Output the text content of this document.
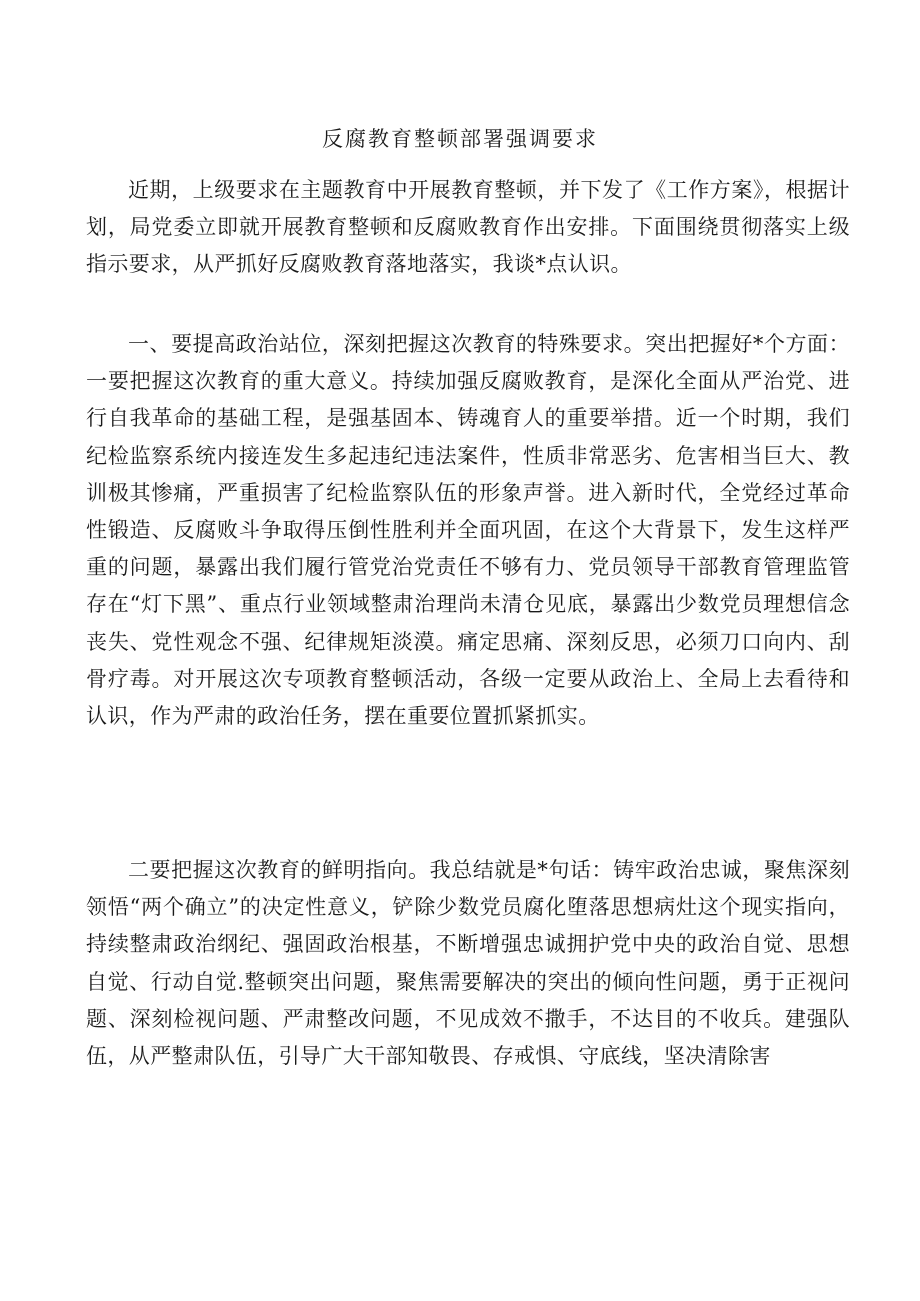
反腐教育整顿部署强调要求

近期，上级要求在主题教育中开展教育整顿，并下发了《工作方案》，根据计划，局党委立即就开展教育整顿和反腐败教育作出安排。下面围绕贯彻落实上级指示要求，从严抓好反腐败教育落地落实，我谈*点认识。

一、要提高政治站位，深刻把握这次教育的特殊要求。突出把握好*个方面：一要把握这次教育的重大意义。持续加强反腐败教育，是深化全面从严治党、进行自我革命的基础工程，是强基固本、铸魂育人的重要举措。近一个时期，我们纪检监察系统内接连发生多起违纪违法案件，性质非常恶劣、危害相当巨大、教训极其惨痛，严重损害了纪检监察队伍的形象声誉。进入新时代，全党经过革命性锻造、反腐败斗争取得压倒性胜利并全面巩固，在这个大背景下，发生这样严重的问题，暴露出我们履行管党治党责任不够有力、党员领导干部教育管理监管存在“灯下黑”、重点行业领域整肃治理尚未清仓见底，暴露出少数党员理想信念丧失、党性观念不强、纪律规矩淡漠。痛定思痛、深刻反思，必须刀口向内、刮骨疗毒。对开展这次专项教育整顿活动，各级一定要从政治上、全局上去看待和认识，作为严肃的政治任务，摆在重要位置抓紧抓实。

二要把握这次教育的鲜明指向。我总结就是*句话：铸牢政治忠诚，聚焦深刻领悟“两个确立”的决定性意义，铲除少数党员腐化堕落思想病灶这个现实指向，持续整肃政治纲纪、强固政治根基，不断增强忠诚拥护党中央的政治自觉、思想自觉、行动自觉.整顿突出问题，聚焦需要解决的突出的倾向性问题，勇于正视问题、深刻检视问题、严肃整改问题，不见成效不撒手，不达目的不收兵。建强队伍，从严整肃队伍，引导广大干部知敬畏、存戒惧、守底线，坚决清除害
